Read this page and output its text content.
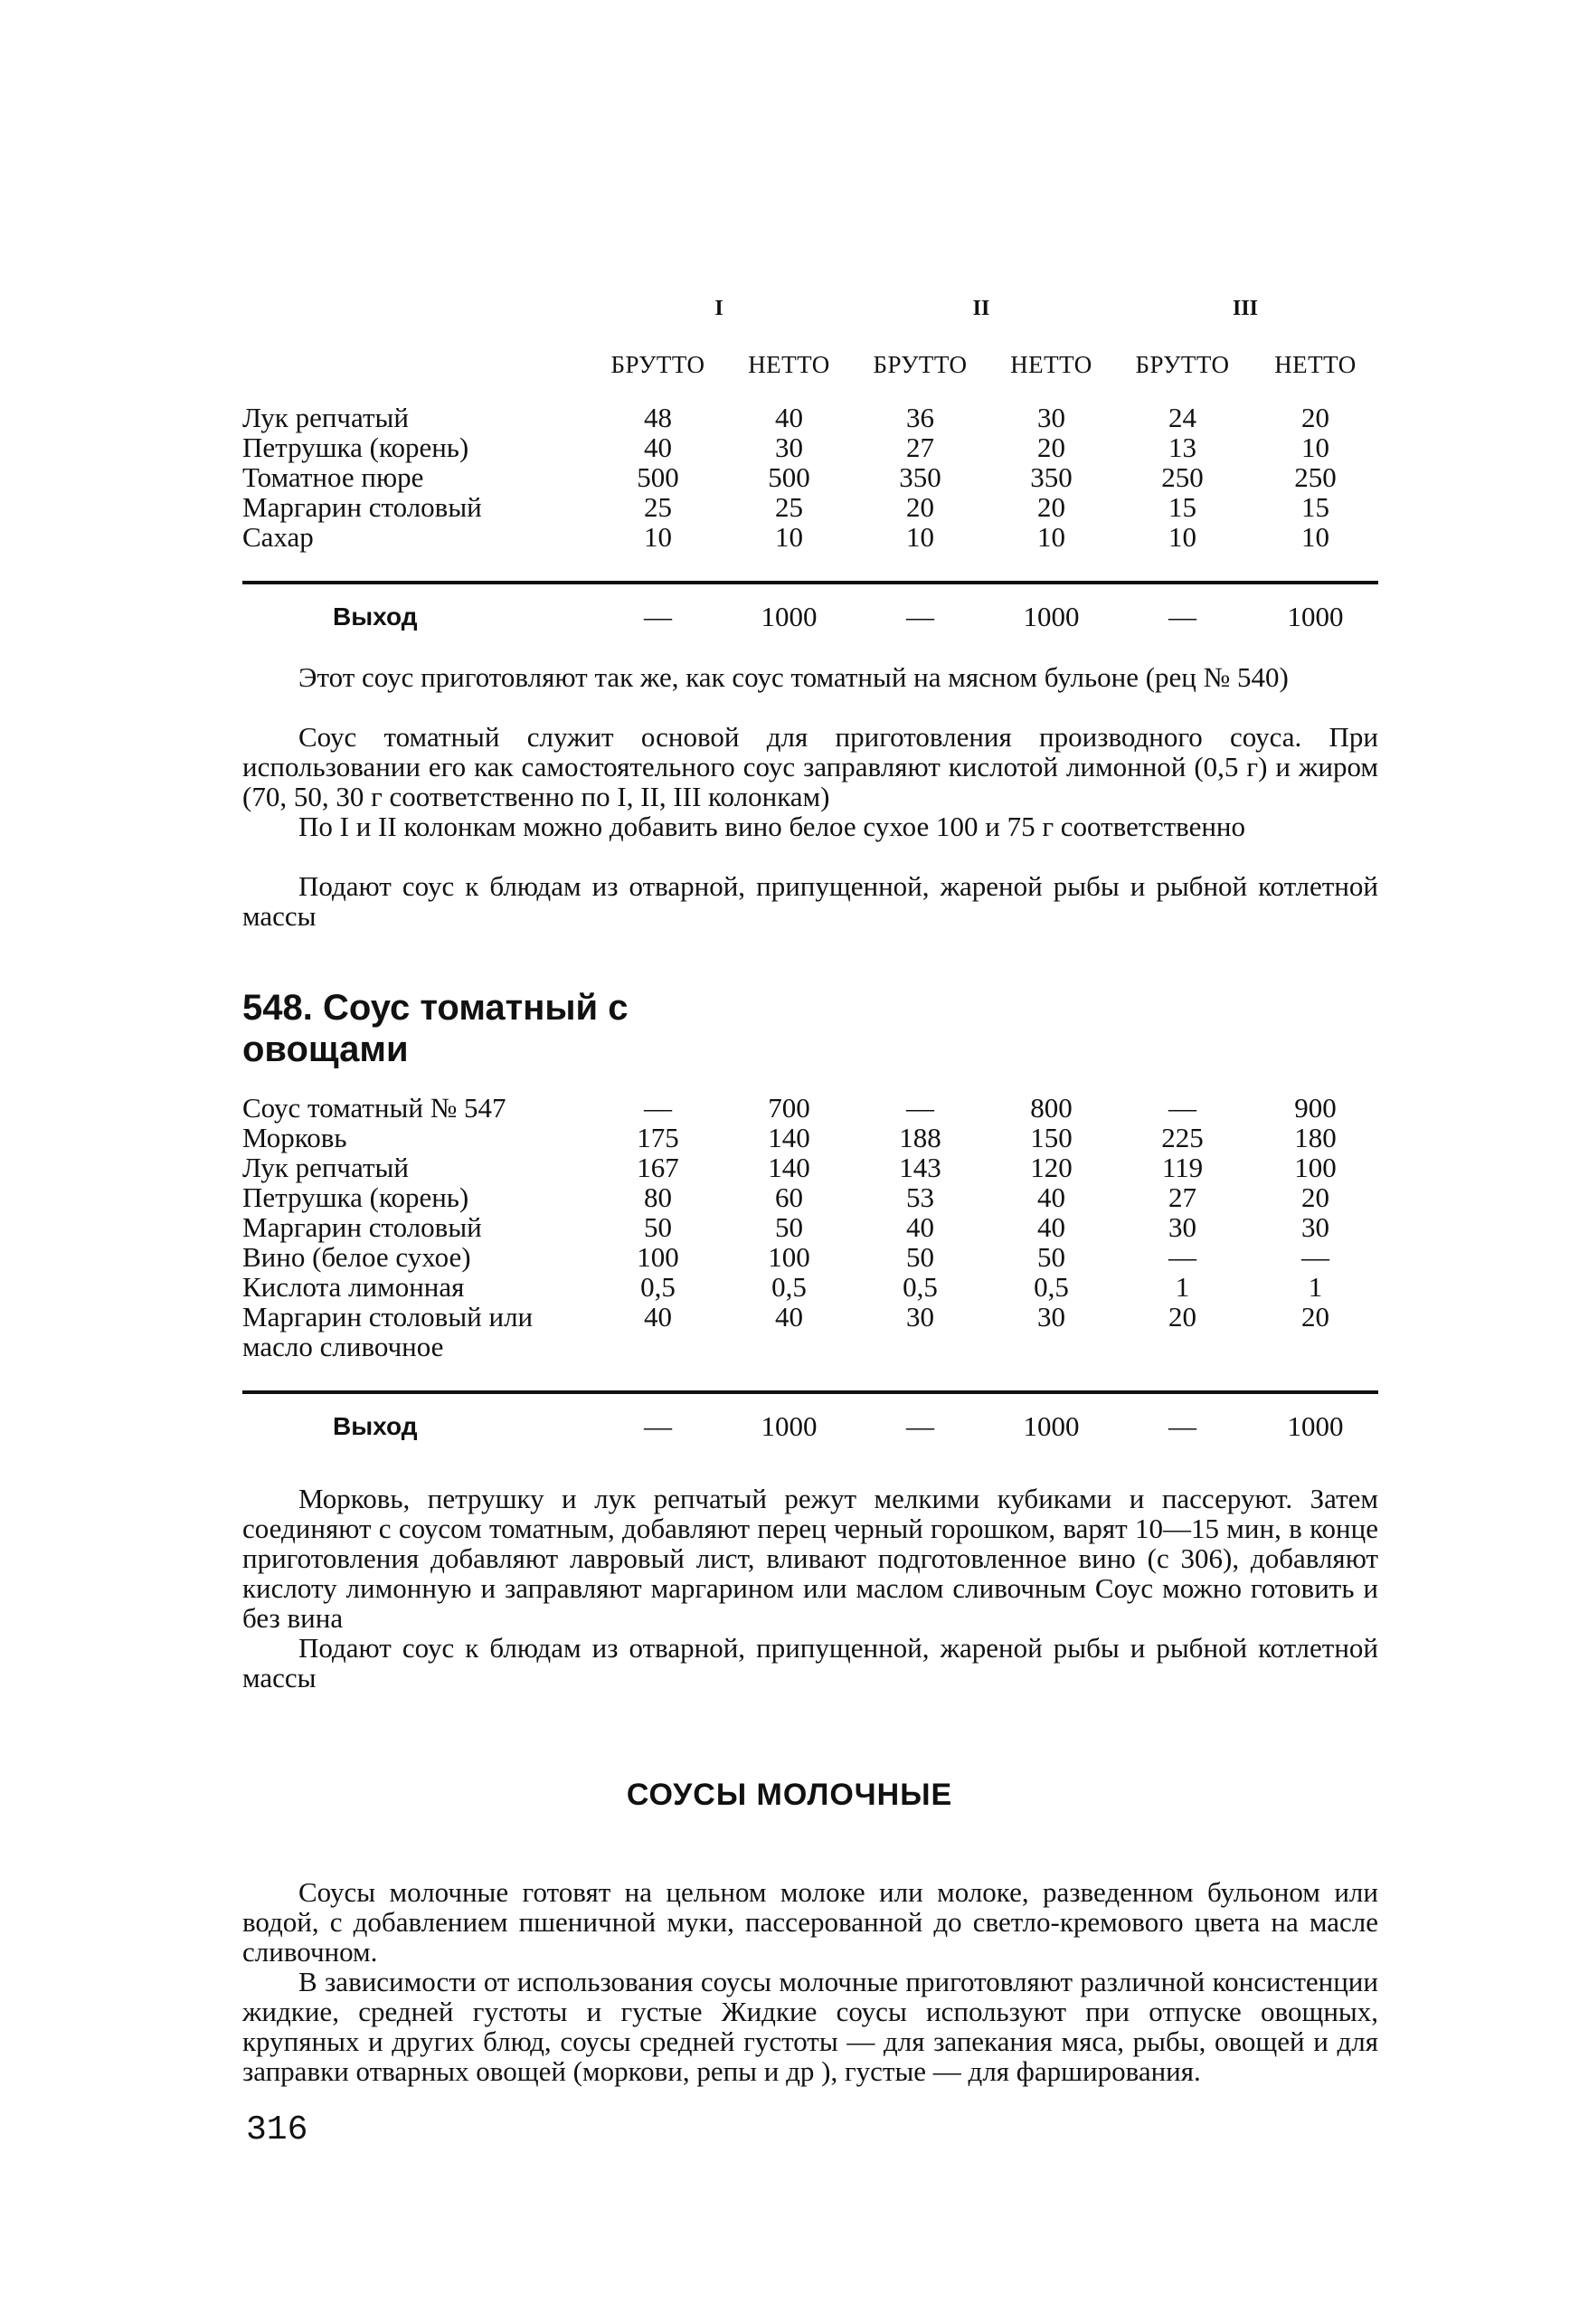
	I		II		III	
	БРУТТО	НЕТТО	БРУТТО	НЕТТО	БРУТТО	НЕТТО
Лук репчатый	48	40	36	30	24	20
Петрушка (корень)	40	30	27	20	13	10
Томатное пюре	500	500	350	350	250	250
Маргарин столовый	25	25	20	20	15	15
Сахар	10	10	10	10	10	10

Выход	—	1000	—	1000	—	1000

Этот соус приготовляют так же, как соус томатный на мясном бульоне (рец № 540)

Соус томатный служит основой для приготовления производного соуса. При использовании его как самостоятельного соус заправляют кислотой лимонной (0,5 г) и жиром (70, 50, 30 г соответственно по I, II, III колонкам)

По I и II колонкам можно добавить вино белое сухое 100 и 75 г соответственно

Подают соус к блюдам из отварной, припущенной, жареной рыбы и рыбной котлетной массы

548. Соус томатный с овощами
Соус томатный № 547	—	700	—	800	—	900
Морковь	175	140	188	150	225	180
Лук репчатый	167	140	143	120	119	100
Петрушка (корень)	80	60	53	40	27	20
Маргарин столовый	50	50	40	40	30	30
Вино (белое сухое)	100	100	50	50	—	—
Кислота лимонная	0,5	0,5	0,5	0,5	1	1
Маргарин столовый или масло сливочное	40	40	30	30	20	20

Выход	—	1000	—	1000	—	1000

Морковь, петрушку и лук репчатый режут мелкими кубиками и пассеруют. Затем соединяют с соусом томатным, добавляют перец черный горошком, варят 10—15 мин, в конце приготовления добавляют лавровый лист, вливают подготовленное вино (с 306), добавляют кислоту лимонную и заправляют маргарином или маслом сливочным Соус можно готовить и без вина

Подают соус к блюдам из отварной, припущенной, жареной рыбы и рыбной котлетной массы

СОУСЫ МОЛОЧНЫЕ

Соусы молочные готовят на цельном молоке или молоке, разведенном бульоном или водой, с добавлением пшеничной муки, пассерованной до светло-кремового цвета на масле сливочном.

В зависимости от использования соусы молочные приготовляют различной консистенции жидкие, средней густоты и густые Жидкие соусы используют при отпуске овощных, крупяных и других блюд, соусы средней густоты — для запекания мяса, рыбы, овощей и для заправки отварных овощей (моркови, репы и др ), густые — для фарширования.

316
